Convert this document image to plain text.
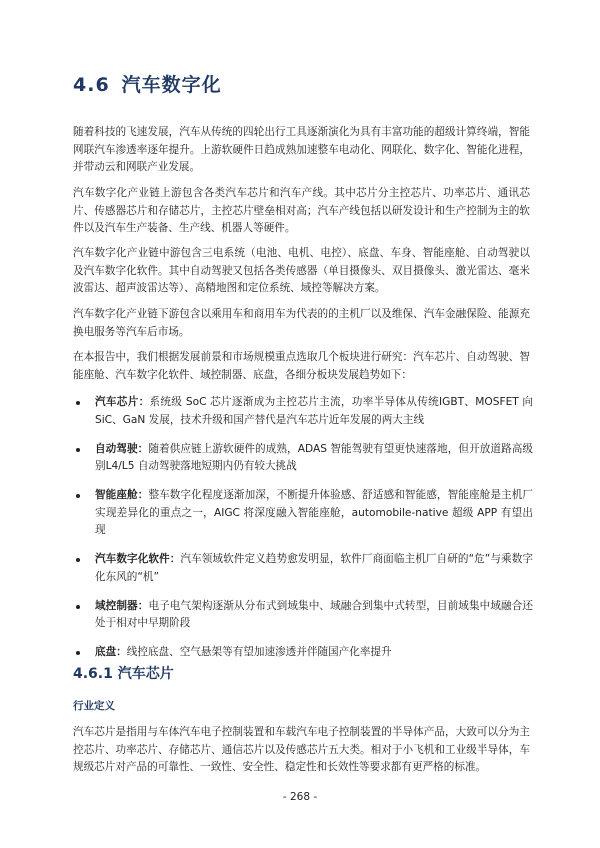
4.6 汽车数字化

随着科技的飞速发展，汽车从传统的四轮出行工具逐渐演化为具有丰富功能的超级计算终端，智能网联汽车渗透率逐年提升。上游软硬件日趋成熟加速整车电动化、网联化、数字化、智能化进程，并带动云和网联产业发展。

汽车数字化产业链上游包含各类汽车芯片和汽车产线。其中芯片分主控芯片、功率芯片、通讯芯片、传感器芯片和存储芯片，主控芯片壁垒相对高；汽车产线包括以研发设计和生产控制为主的软件以及汽车生产装备、生产线、机器人等硬件。

汽车数字化产业链中游包含三电系统（电池、电机、电控）、底盘、车身、智能座舱、自动驾驶以及汽车数字化软件。其中自动驾驶又包括各类传感器（单目摄像头、双目摄像头、激光雷达、毫米波雷达、超声波雷达等）、高精地图和定位系统、域控等解决方案。

汽车数字化产业链下游包含以乘用车和商用车为代表的的主机厂以及维保、汽车金融保险、能源充换电服务等汽车后市场。

在本报告中，我们根据发展前景和市场规模重点选取几个板块进行研究：汽车芯片、自动驾驶、智能座舱、汽车数字化软件、域控制器、底盘，各细分板块发展趋势如下：

汽车芯片：系统级 SoC 芯片逐渐成为主控芯片主流，功率半导体从传统IGBT、MOSFET 向 SiC、GaN 发展，技术升级和国产替代是汽车芯片近年发展的两大主线
自动驾驶：随着供应链上游软硬件的成熟，ADAS 智能驾驶有望更快速落地，但开放道路高级别L4/L5 自动驾驶落地短期内仍有较大挑战
智能座舱：整车数字化程度逐渐加深，不断提升体验感、舒适感和智能感，智能座舱是主机厂实现差异化的重点之一，AIGC 将深度融入智能座舱，automobile-native 超级 APP 有望出现
汽车数字化软件：汽车领域软件定义趋势愈发明显，软件厂商面临主机厂自研的“危”与乘数字化东风的“机”
域控制器：电子电气架构逐渐从分布式到域集中、域融合到集中式转型，目前域集中域融合还处于相对中早期阶段
底盘：线控底盘、空气悬架等有望加速渗透并伴随国产化率提升
4.6.1 汽车芯片
行业定义

汽车芯片是指用与车体汽车电子控制装置和车载汽车电子控制装置的半导体产品，大致可以分为主控芯片、功率芯片、存储芯片、通信芯片以及传感芯片五大类。相对于小飞机和工业级半导体，车规级芯片对产品的可靠性、一致性、安全性、稳定性和长效性等要求都有更严格的标准。

- 268 -
